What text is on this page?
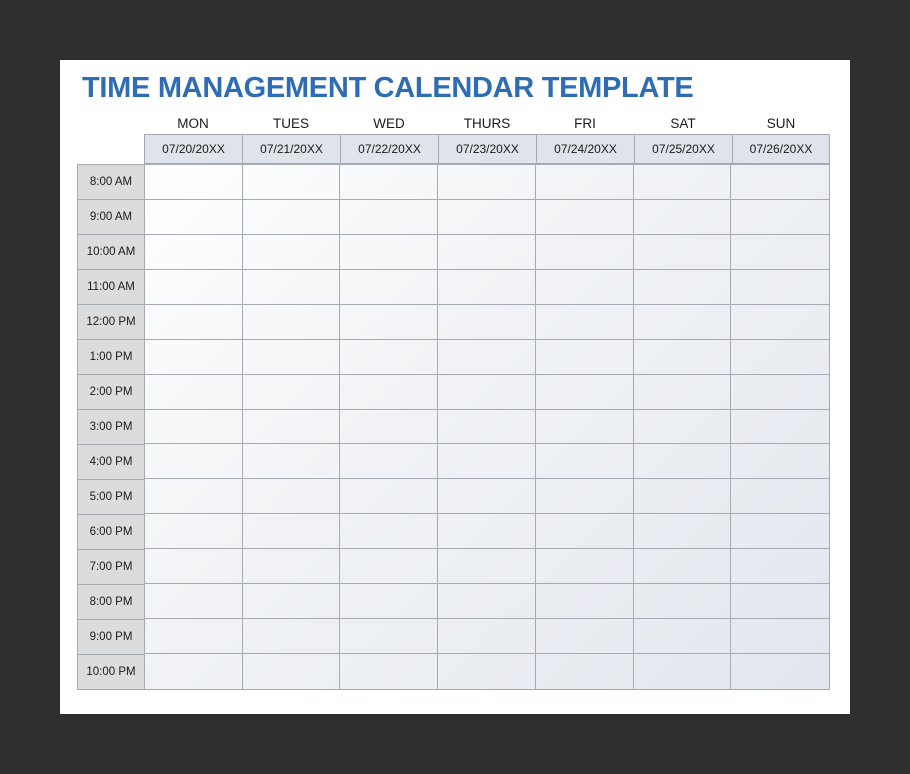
TIME MANAGEMENT CALENDAR TEMPLATE
MON	TUES	WED	THURS	FRI	SAT	SUN
07/20/20XX	07/21/20XX	07/22/20XX	07/23/20XX	07/24/20XX	07/25/20XX	07/26/20XX
8:00 AM
9:00 AM
10:00 AM
11:00 AM
12:00 PM
1:00 PM
2:00 PM
3:00 PM
4:00 PM
5:00 PM
6:00 PM
7:00 PM
8:00 PM
9:00 PM
10:00 PM
